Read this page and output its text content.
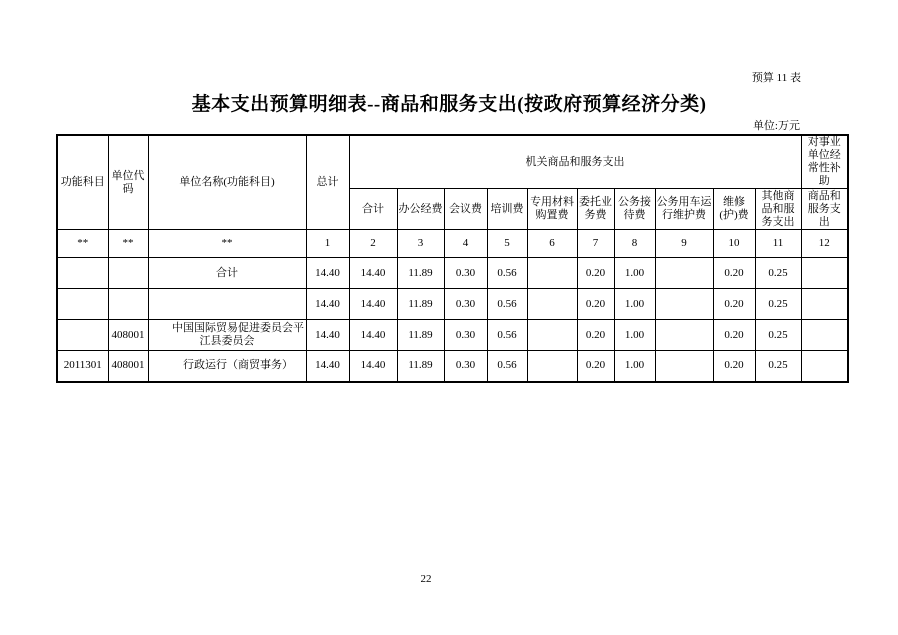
预算 11 表
基本支出预算明细表--商品和服务支出(按政府预算经济分类)
单位:万元
功能科目	单位代码	单位名称(功能科目)	总计	机关商品和服务支出										对事业单位经常性补助
				合计	办公经费	会议费	培训费	专用材料购置费	委托业务费	公务接待费	公务用车运行维护费	维修(护)费	其他商品和服务支出	商品和服务支出
**	**	**	1	2	3	4	5	6	7	8	9	10	11	12
		合计	14.40	14.40	11.89	0.30	0.56		0.20	1.00		0.20	0.25	
			14.40	14.40	11.89	0.30	0.56		0.20	1.00		0.20	0.25	
	408001	　　中国国际贸易促进委员会平江县委员会	14.40	14.40	11.89	0.30	0.56		0.20	1.00		0.20	0.25	
2011301	408001	　　行政运行（商贸事务）	14.40	14.40	11.89	0.30	0.56		0.20	1.00		0.20	0.25	
22
